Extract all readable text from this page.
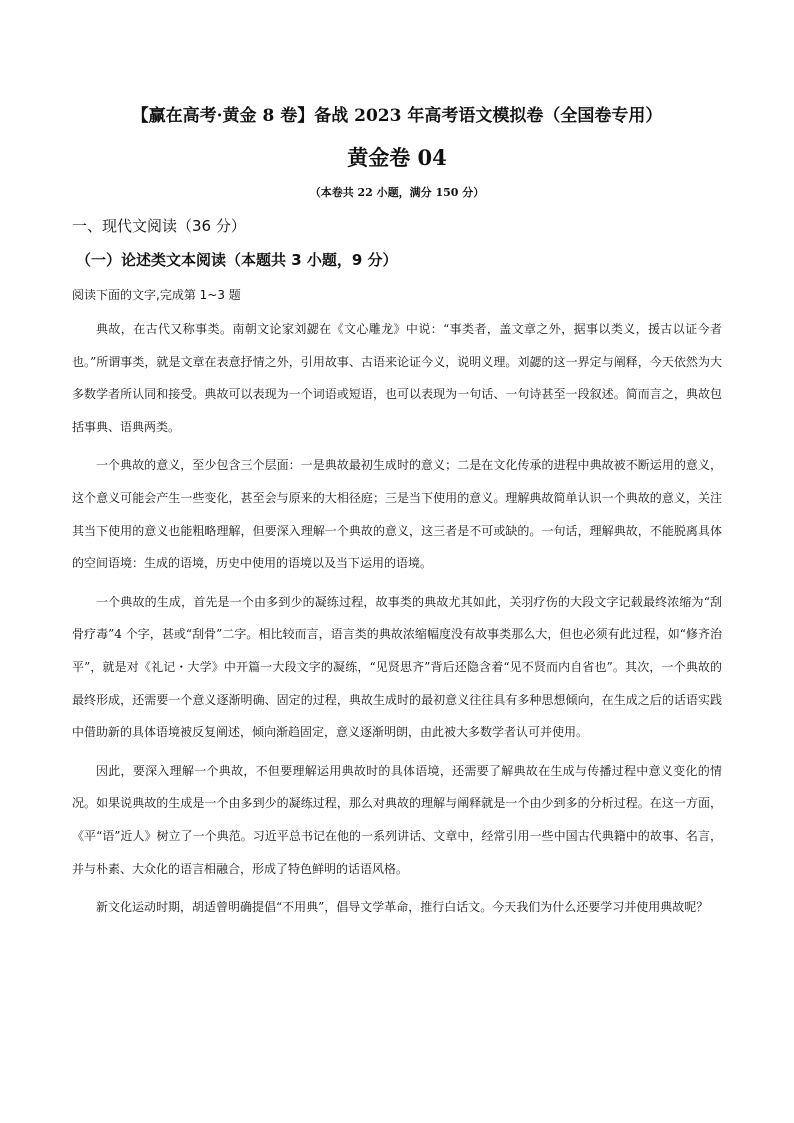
【赢在高考·黄金 8 卷】备战 2023 年高考语文模拟卷（全国卷专用）
黄金卷 04
（本卷共 22 小题，满分 150 分）
一、现代文阅读（36 分）
（一）论述类文本阅读（本题共 3 小题，9 分）
阅读下面的文字,完成第 1~3 题

典故，在古代又称事类。南朝文论家刘勰在《文心雕龙》中说：“事类者，盖文章之外，据事以类义，援古以证今者也。”所谓事类，就是文章在表意抒情之外，引用故事、古语来论证今义，说明义理。刘勰的这一界定与阐释，今天依然为大多数学者所认同和接受。典故可以表现为一个词语或短语，也可以表现为一句话、一句诗甚至一段叙述。简而言之，典故包括事典、语典两类。

一个典故的意义，至少包含三个层面：一是典故最初生成时的意义；二是在文化传承的进程中典故被不断运用的意义，这个意义可能会产生一些变化，甚至会与原来的大相径庭；三是当下使用的意义。理解典故简单认识一个典故的意义，关注其当下使用的意义也能粗略理解，但要深入理解一个典故的意义，这三者是不可或缺的。一句话，理解典故，不能脱离具体的空间语境：生成的语境，历史中使用的语境以及当下运用的语境。

一个典故的生成，首先是一个由多到少的凝练过程，故事类的典故尤其如此，关羽疗伤的大段文字记载最终浓缩为“刮骨疗毒”4 个字，甚或“刮骨”二字。相比较而言，语言类的典故浓缩幅度没有故事类那么大，但也必须有此过程，如“修齐治平”，就是对《礼记・大学》中开篇一大段文字的凝练，“见贤思齐”背后还隐含着“见不贤而内自省也”。其次，一个典故的最终形成，还需要一个意义逐渐明确、固定的过程，典故生成时的最初意义往往具有多种思想倾向，在生成之后的话语实践中借助新的具体语境被反复阐述，倾向渐趋固定，意义逐渐明朗，由此被大多数学者认可并使用。

因此，要深入理解一个典故，不但要理解运用典故时的具体语境，还需要了解典故在生成与传播过程中意义变化的情况。如果说典故的生成是一个由多到少的凝练过程，那么对典故的理解与阐释就是一个由少到多的分析过程。在这一方面，《平“语”近人》树立了一个典范。习近平总书记在他的一系列讲话、文章中，经常引用一些中国古代典籍中的故事、名言，并与朴素、大众化的语言相融合，形成了特色鲜明的话语风格。

新文化运动时期，胡适曾明确提倡“不用典”，倡导文学革命，推行白话文。今天我们为什么还要学习并使用典故呢？
